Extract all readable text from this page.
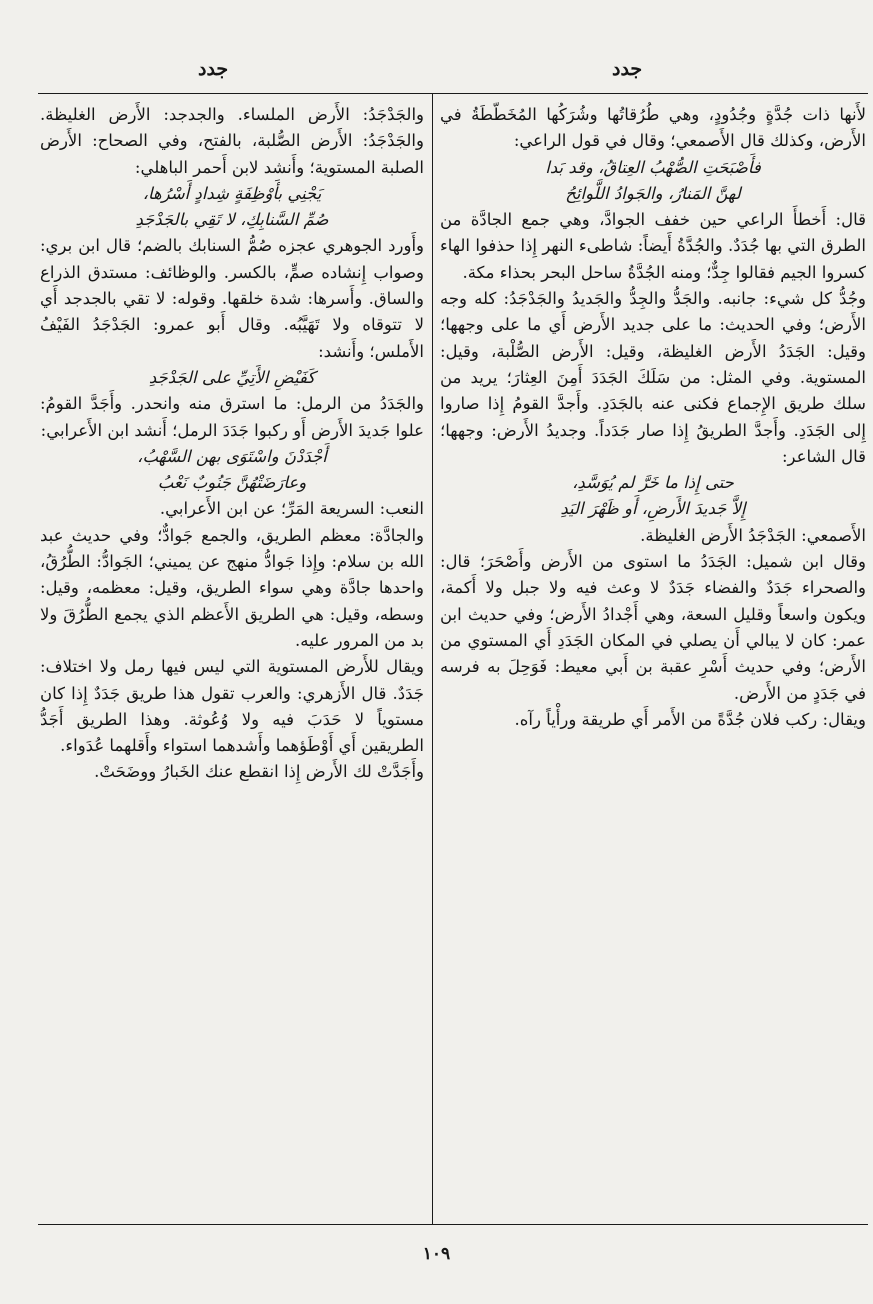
جدد
جدد

لأَنها ذات جُدَّةٍ وجُدُودٍ، وهي طُرُقاتُها وشُرَكُها المُخَطَّطَةُ في الأَرض، وكذلك قال الأَصمعي؛ وقال في قول الراعي:

فأَصْبَحَتِ الصُّهْبُ العِتاقُ، وقد بَدا

لهنَّ المَنارُ، والجَوادُ اللَّوائِحُ

قال: أَخطأَ الراعي حين خفف الجوادَّ، وهي جمع الجادَّة من الطرق التي بها جُدَدٌ. والجُدَّةُ أَيضاً: شاطىء النهر إِذا حذفوا الهاء كسروا الجيم فقالوا جِدٌّ؛ ومنه الجُدَّةُ ساحل البحر بحذاء مكة.

وجُدُّ كل شيء: جانبه. والجَدُّ والجِدُّ والجَديدُ والجَدْجَدُ: كله وجه الأَرض؛ وفي الحديث: ما على جديد الأَرض أَي ما على وجهها؛ وقيل: الجَدَدُ الأَرض الغليظة، وقيل: الأَرض الصُّلْبة، وقيل: المستوية. وفي المثل: من سَلَكَ الجَدَدَ أَمِنَ العِثارَ؛ يريد من سلك طريق الإِجماع فكنى عنه بالجَدَدِ. وأَجدَّ القومُ إِذا صاروا إِلى الجَدَدِ. وأَجدَّ الطريقُ إِذا صار جَدَداً. وجديدُ الأَرض: وجهها؛ قال الشاعر:

حتى إِذا ما خَرَّ لم يُوَسَّدِ،

إِلاَّ جَديدَ الأَرضِ، أَو ظَهْرَ اليَدِ

الأَصمعي: الجَدْجَدُ الأَرض الغليظة.

وقال ابن شميل: الجَدَدُ ما استوى من الأَرض وأَصْحَرَ؛ قال: والصحراء جَدَدٌ والفضاء جَدَدٌ لا وعث فيه ولا جبل ولا أَكمة، ويكون واسعاً وقليل السعة، وهي أَجْدادُ الأَرض؛ وفي حديث ابن عمر: كان لا يبالي أَن يصلي في المكان الجَدَدِ أَي المستوي من الأَرض؛ وفي حديث أَسْرِ عقبة بن أَبي معيط: فَوَحِلَ به فرسه في جَدَدٍ من الأَرض.

ويقال: ركب فلان جُدَّةً من الأَمر أَي طريقة ورأْياً رآه.

والجَدْجَدُ: الأَرض الملساء. والجدجد: الأَرض الغليظة. والجَدْجَدُ: الأَرض الصُّلبة، بالفتح، وفي الصحاح: الأَرض الصلبة المستوية؛ وأَنشد لابن أَحمر الباهلي:

يَجْنِي بأَوْظِفَةٍ شِدادٍ أَسْرُها،

صُمِّ السَّنابِكِ، لا تَقِي بالجَدْجَدِ

وأَورد الجوهري عجزه صُمُّ السنابك بالضم؛ قال ابن بري: وصواب إِنشاده صمٍّ، بالكسر. والوظائف: مستدق الذراع والساق. وأَسرها: شدة خلقها. وقوله: لا تقي بالجدجد أَي لا تتوقاه ولا تَهَيَّبُه. وقال أَبو عمرو: الجَدْجَدُ الفَيْفُ الأَملس؛ وأَنشد:

كَفَيْضِ الأَتِيِّ على الجَدْجَدِ

والجَدَدُ من الرمل: ما استرق منه وانحدر. وأَجَدَّ القومُ: علوا جَديدَ الأَرض أَو ركبوا جَدَدَ الرمل؛ أَنشد ابن الأَعرابي:

أَجْدَدْنَ واسْتَوَى بهن السَّهْبُ،

وعارَضَتْهُنَّ جَنُوبٌ نَعْبُ

النعب: السريعة المَرِّ؛ عن ابن الأَعرابي.

والجادَّة: معظم الطريق، والجمع جَوادٌّ؛ وفي حديث عبد الله بن سلام: وإِذا جَوادُّ منهج عن يميني؛ الجَوادُّ: الطُّرُقُ، واحدها جادَّة وهي سواء الطريق، وقيل: معظمه، وقيل: وسطه، وقيل: هي الطريق الأَعظم الذي يجمع الطُّرُقَ ولا بد من المرور عليه.

ويقال للأَرض المستوية التي ليس فيها رمل ولا اختلاف: جَدَدٌ. قال الأَزهري: والعرب تقول هذا طريق جَدَدٌ إِذا كان مستوياً لا حَدَبَ فيه ولا وُعُوثة. وهذا الطريق أَجَدُّ الطريقين أَي أَوْطَؤهما وأَشدهما استواء وأَقلهما عُدَواء.

وأَجَدَّتْ لك الأَرض إِذا انقطع عنك الخَبارُ ووضَحَتْ.

١٠٩
